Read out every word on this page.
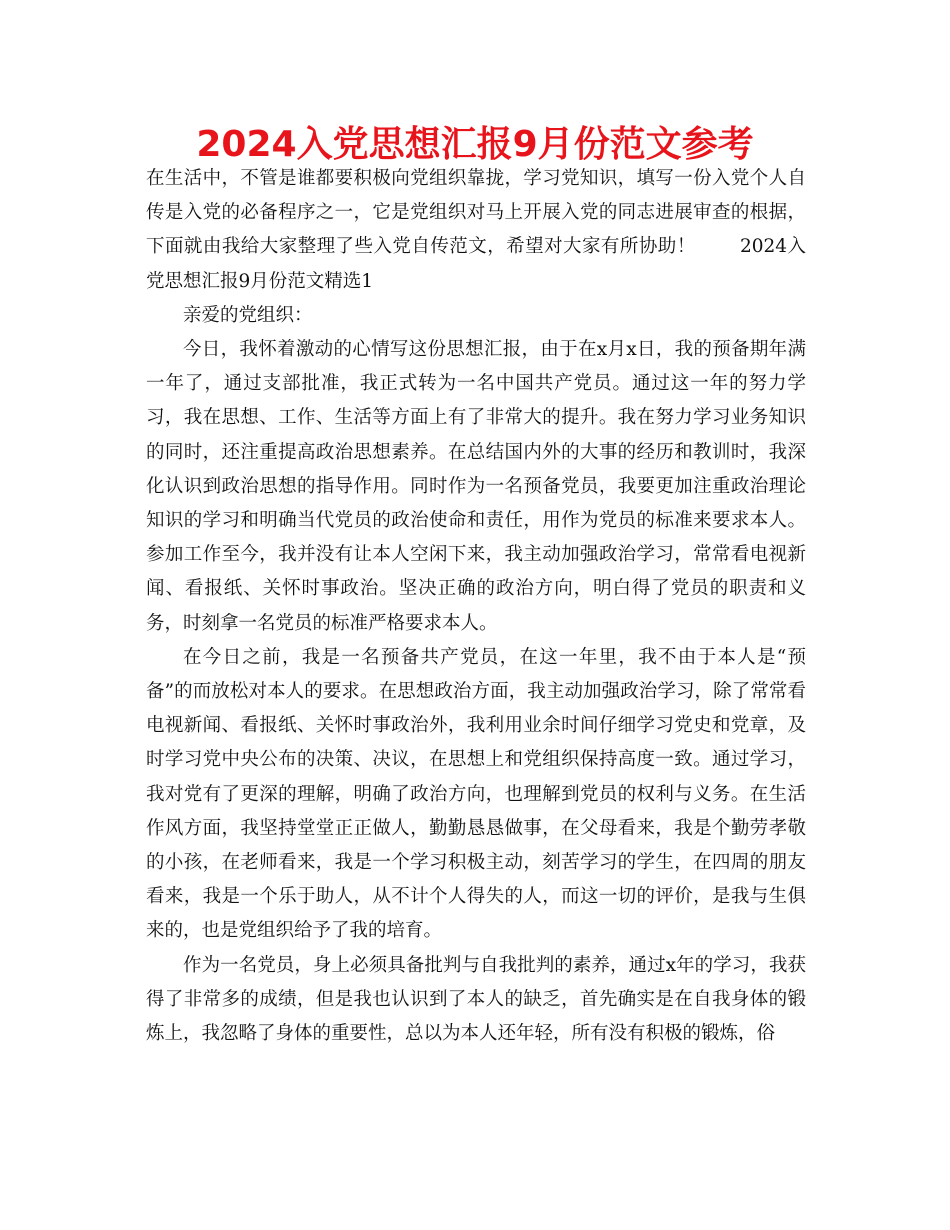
2024入党思想汇报9月份范文参考

在生活中，不管是谁都要积极向党组织靠拢，学习党知识，填写一份入党个人自传是入党的必备程序之一，它是党组织对马上开展入党的同志进展审查的根据，下面就由我给大家整理了些入党自传范文，希望对大家有所协助！　　 2024入党思想汇报9月份范文精选1

亲爱的党组织：

今日，我怀着激动的心情写这份思想汇报，由于在x月x日，我的预备期年满一年了，通过支部批准，我正式转为一名中国共产党员。通过这一年的努力学习，我在思想、工作、生活等方面上有了非常大的提升。我在努力学习业务知识的同时，还注重提高政治思想素养。在总结国内外的大事的经历和教训时，我深化认识到政治思想的指导作用。同时作为一名预备党员，我要更加注重政治理论知识的学习和明确当代党员的政治使命和责任，用作为党员的标准来要求本人。参加工作至今，我并没有让本人空闲下来，我主动加强政治学习，常常看电视新闻、看报纸、关怀时事政治。坚决正确的政治方向，明白得了党员的职责和义务，时刻拿一名党员的标准严格要求本人。

在今日之前，我是一名预备共产党员，在这一年里，我不由于本人是“预备”的而放松对本人的要求。在思想政治方面，我主动加强政治学习，除了常常看电视新闻、看报纸、关怀时事政治外，我利用业余时间仔细学习党史和党章，及时学习党中央公布的决策、决议，在思想上和党组织保持高度一致。通过学习，我对党有了更深的理解，明确了政治方向，也理解到党员的权利与义务。在生活作风方面，我坚持堂堂正正做人，勤勤恳恳做事，在父母看来，我是个勤劳孝敬的小孩，在老师看来，我是一个学习积极主动，刻苦学习的学生，在四周的朋友看来，我是一个乐于助人，从不计个人得失的人，而这一切的评价，是我与生俱来的，也是党组织给予了我的培育。

作为一名党员，身上必须具备批判与自我批判的素养，通过x年的学习，我获得了非常多的成绩，但是我也认识到了本人的缺乏，首先确实是在自我身体的锻炼上，我忽略了身体的重要性，总以为本人还年轻，所有没有积极的锻炼，俗
